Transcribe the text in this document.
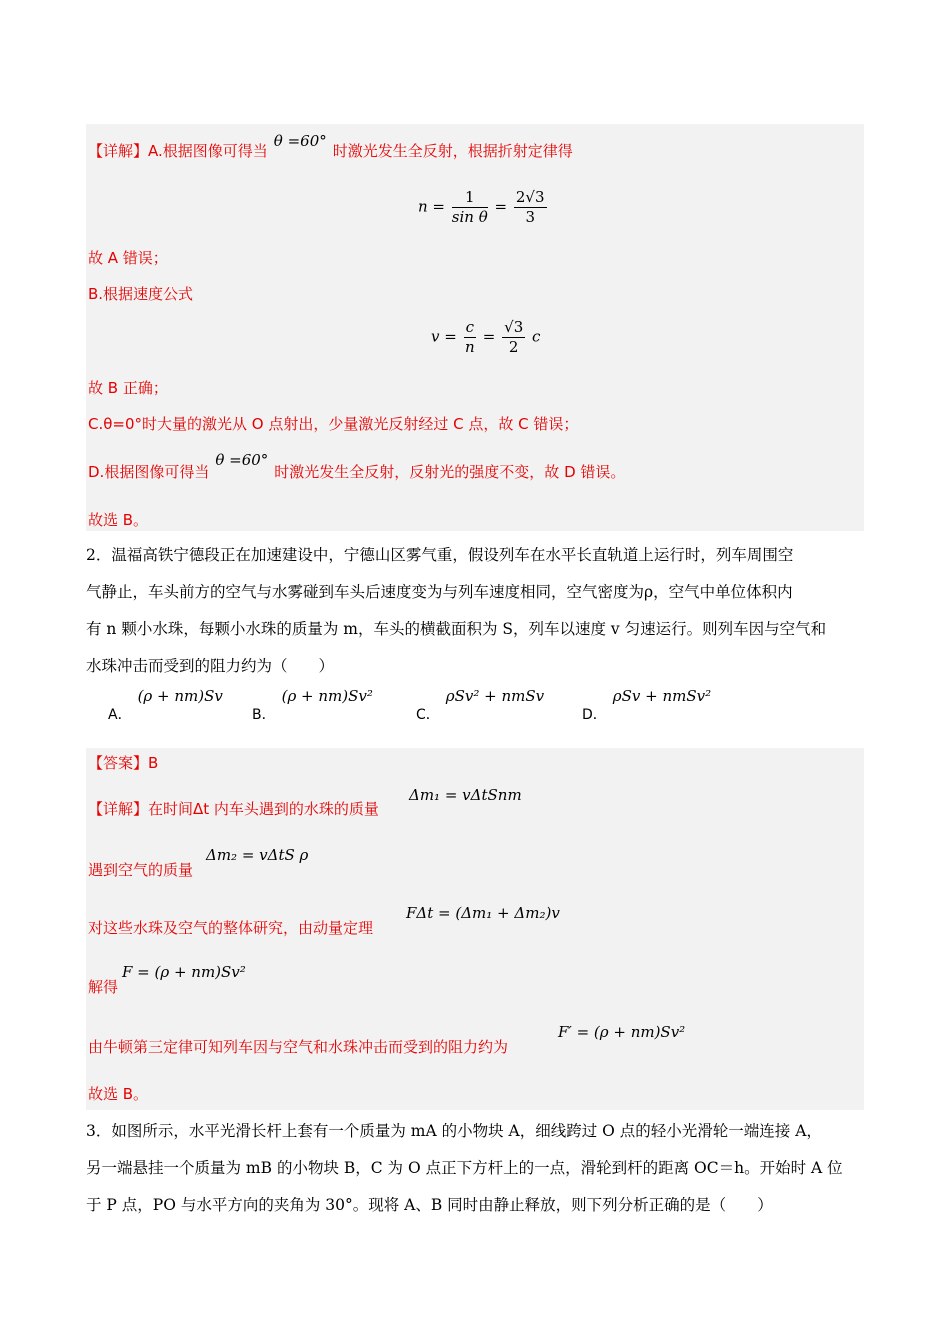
【详解】A.根据图像可得当θ =60°时激光发生全反射，根据折射定律得
$n = \frac{1}{\text{sin θ}} = \frac{2√3}{3}$
故 A 错误；
B.根据速度公式
$v = \frac{c}{n} = \frac{√3}{2}$ c
故 B 正确；
C.θ=0°时大量的激光从 O 点射出，少量激光反射经过 C 点，故 C 错误；
D.根据图像可得当θ =60°时激光发生全反射，反射光的强度不变，故 D 错误。
故选 B。
2．温福高铁宁德段正在加速建设中，宁德山区雾气重，假设列车在水平长直轨道上运行时，列车周围空
气静止，车头前方的空气与水雾碰到车头后速度变为与列车速度相同，空气密度为ρ，空气中单位体积内
有 n 颗小水珠，每颗小水珠的质量为 m，车头的横截面积为 S，列车以速度 v 匀速运行。则列车因与空气和
水珠冲击而受到的阻力约为（　　）
A．(ρ + nm)Sv
B．(ρ + nm)Sv²
C．ρSv² + nmSv
D．ρSv + nmSv²
【答案】B
【详解】在时间Δt 内车头遇到的水珠的质量
Δm₁ = vΔtSnm
遇到空气的质量
Δm₂ = vΔtS ρ
对这些水珠及空气的整体研究，由动量定理
FΔt = (Δm₁ + Δm₂)v
解得
F = (ρ + nm)Sv²
由牛顿第三定律可知列车因与空气和水珠冲击而受到的阻力约为
F′ = (ρ + nm)Sv²
故选 B。
3．如图所示，水平光滑长杆上套有一个质量为 mA 的小物块 A，细线跨过 O 点的轻小光滑轮一端连接 A，
另一端悬挂一个质量为 mB 的小物块 B，C 为 O 点正下方杆上的一点，滑轮到杆的距离 OC＝h。开始时 A 位
于 P 点，PO 与水平方向的夹角为 30°。现将 A、B 同时由静止释放，则下列分析正确的是（　　）
